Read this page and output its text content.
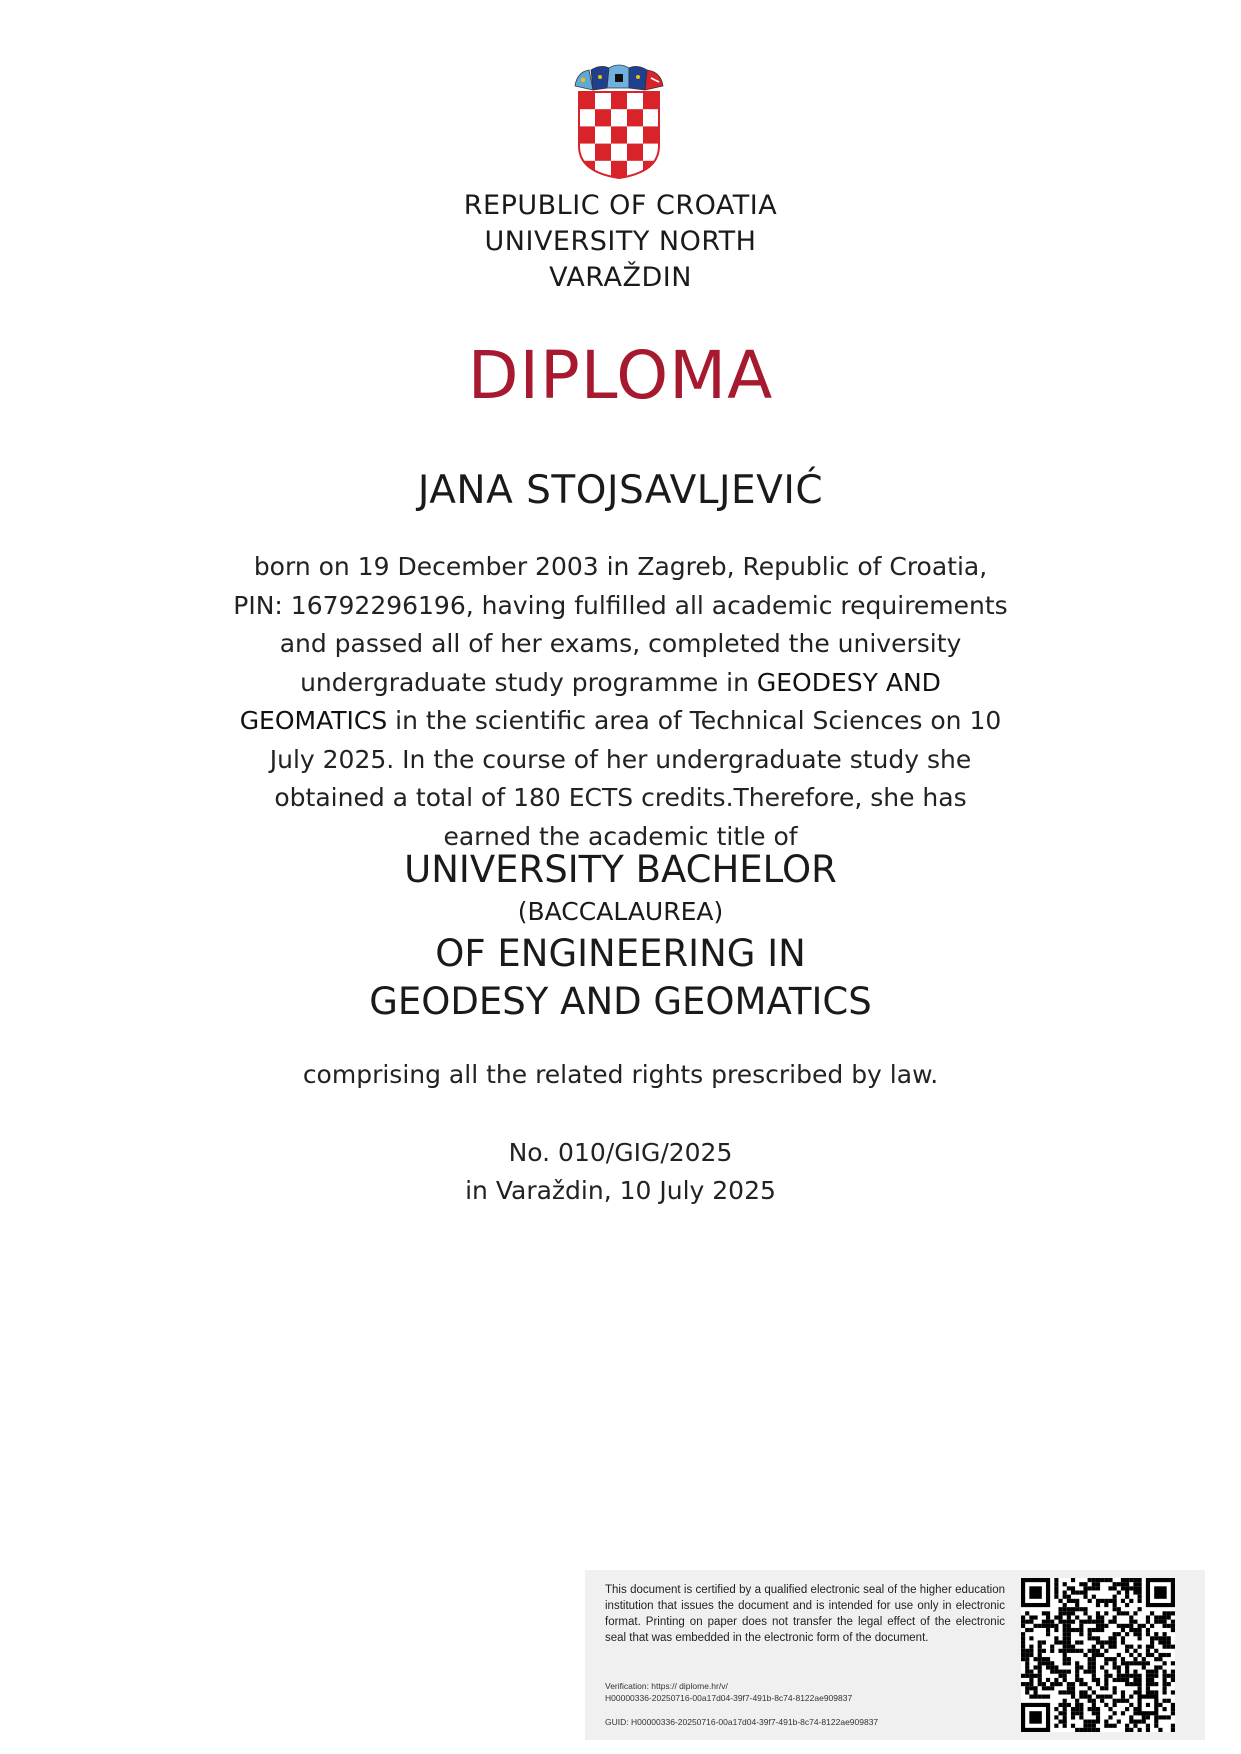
REPUBLIC OF CROATIA
UNIVERSITY NORTH
VARAŽDIN
DIPLOMA
JANA STOJSAVLJEVIĆ
born on 19 December 2003 in Zagreb, Republic of Croatia, PIN: 16792296196, having fulfilled all academic requirements and passed all of her exams, completed the university undergraduate study programme in GEODESY AND GEOMATICS in the scientific area of Technical Sciences on 10 July 2025. In the course of her undergraduate study she obtained a total of 180 ECTS credits.Therefore, she has earned the academic title of
UNIVERSITY BACHELOR
(BACCALAUREA)
OF ENGINEERING IN
GEODESY AND GEOMATICS
comprising all the related rights prescribed by law.
No. 010/GIG/2025
in Varaždin, 10 July 2025
This document is certified by a qualified electronic seal of the higher education institution that issues the document and is intended for use only in electronic format. Printing on paper does not transfer the legal effect of the electronic seal that was embedded in the electronic form of the document.
Verification: https:// diplome.hr/v/
H00000336-20250716-00a17d04-39f7-491b-8c74-8122ae909837
GUID: H00000336-20250716-00a17d04-39f7-491b-8c74-8122ae909837
